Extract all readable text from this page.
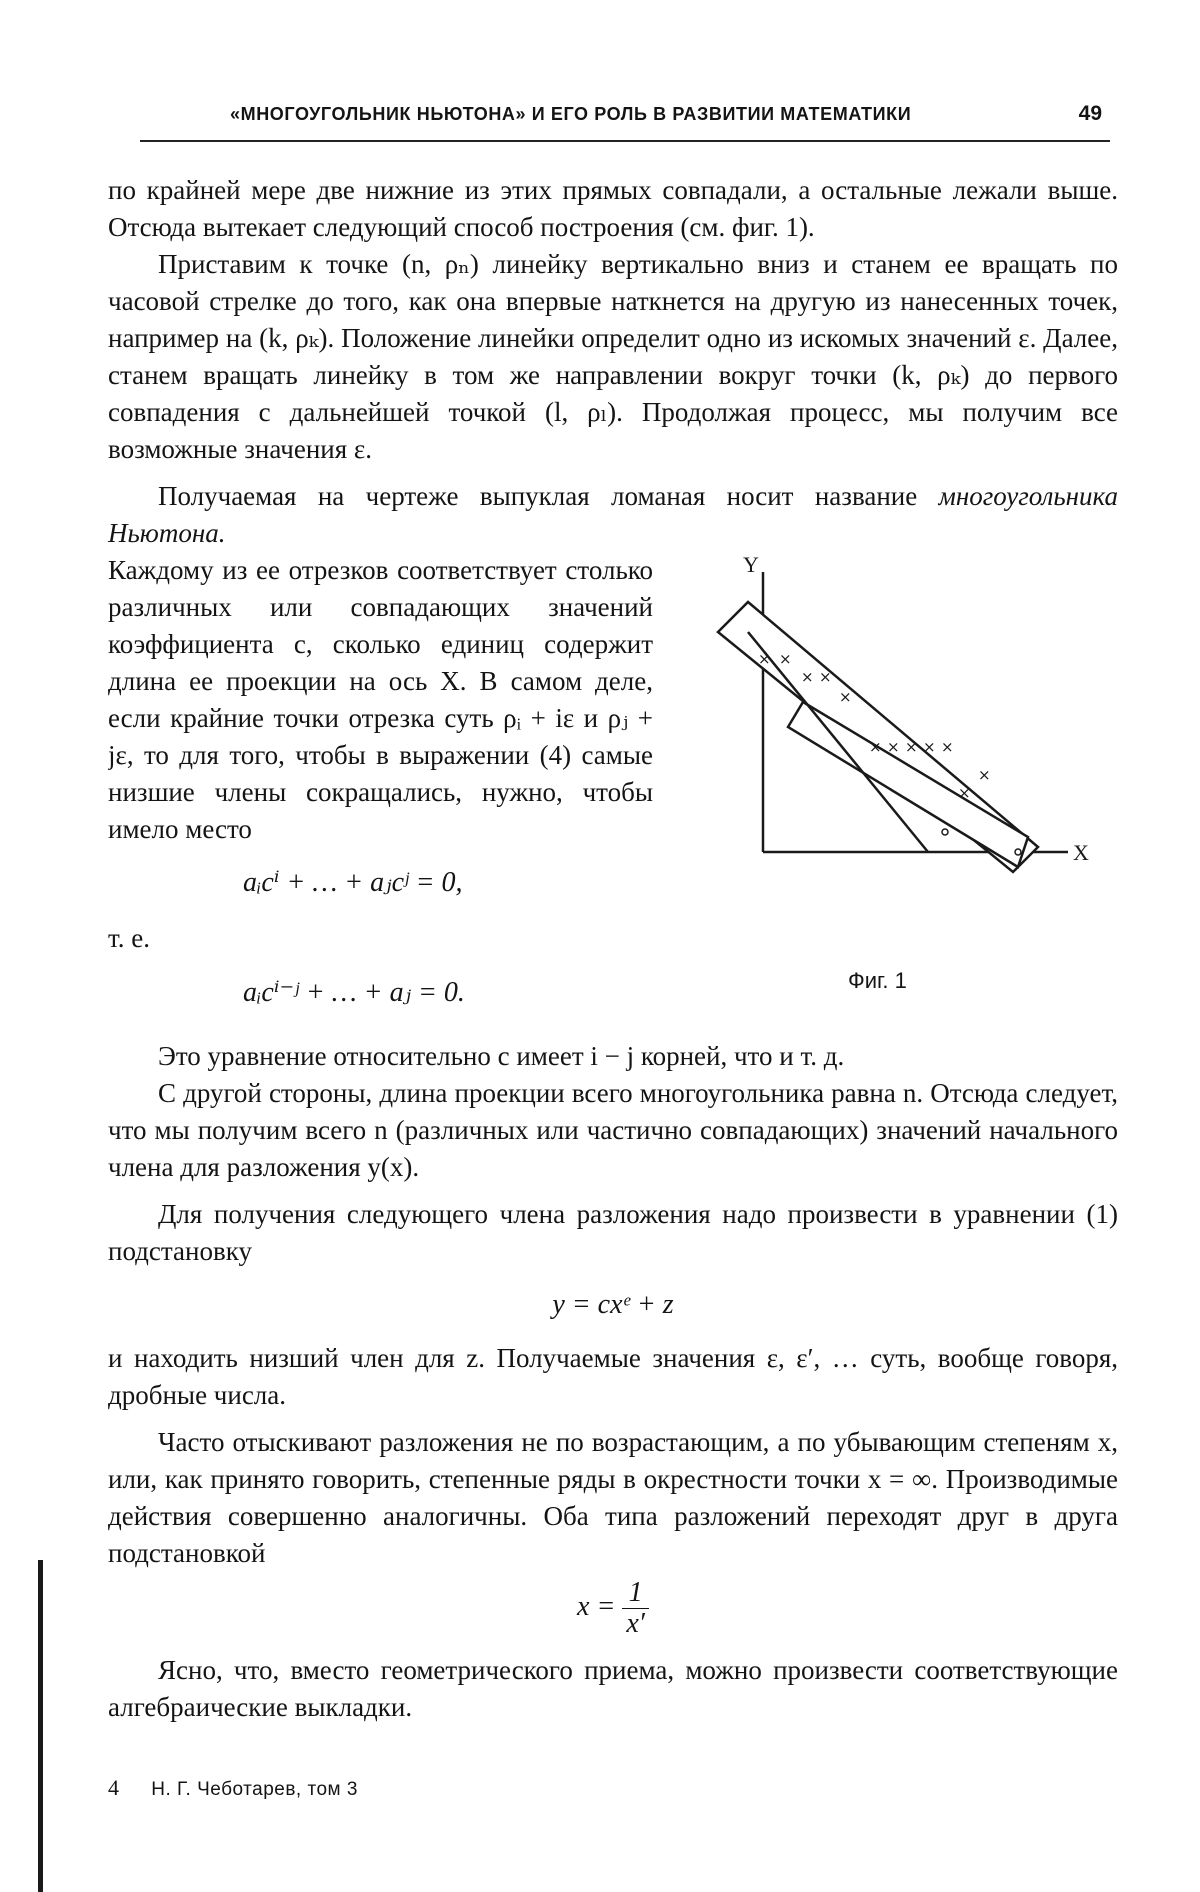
«МНОГОУГОЛЬНИК НЬЮТОНА» И ЕГО РОЛЬ В РАЗВИТИИ МАТЕМАТИКИ	49

по крайней мере две нижние из этих прямых совпадали, а остальные лежали выше. Отсюда вытекает следующий способ построения (см. фиг. 1).

Приставим к точке (n, ρₙ) линейку вертикально вниз и станем ее вращать по часовой стрелке до того, как она впервые наткнется на другую из нанесенных точек, например на (k, ρₖ). Положение линейки определит одно из искомых значений ε. Далее, станем вращать линейку в том же направлении вокруг точки (k, ρₖ) до первого совпадения с дальнейшей точкой (l, ρₗ). Продолжая процесс, мы получим все возможные значения ε.

Получаемая на чертеже выпуклая ломаная носит название многоугольника Ньютона.

Y
X
× ×
× ×
×
× × × × ×
×
×
Фиг. 1

Каждому из ее отрезков соответствует столько различных или совпадающих значений коэффициента c, сколько единиц содержит длина ее проекции на ось X. В самом деле, если крайние точки отрезка суть ρᵢ + iε и ρⱼ + jε, то для того, чтобы в выражении (4) самые низшие члены сокращались, нужно, чтобы имело место

aᵢcⁱ + … + aⱼcʲ = 0,
т. е.
aᵢcⁱ⁻ʲ + … + aⱼ = 0.

Это уравнение относительно c имеет i − j корней, что и т. д.

С другой стороны, длина проекции всего многоугольника равна n. Отсюда следует, что мы получим всего n (различных или частично совпадающих) значений начального члена для разложения y(x).

Для получения следующего члена разложения надо произвести в уравнении (1) подстановку

y = cxᵉ + z

и находить низший член для z. Получаемые значения ε, ε′, … суть, вообще говоря, дробные числа.

Часто отыскивают разложения не по возрастающим, а по убывающим степеням x, или, как принято говорить, степенные ряды в окрестности точки x = ∞. Производимые действия совершенно аналогичны. Оба типа разложений переходят друг в друга подстановкой

$x = \frac{1}{x'}$

Ясно, что, вместо геометрического приема, можно произвести соответствующие алгебраические выкладки.

4 Н. Г. Чеботарев, том 3
